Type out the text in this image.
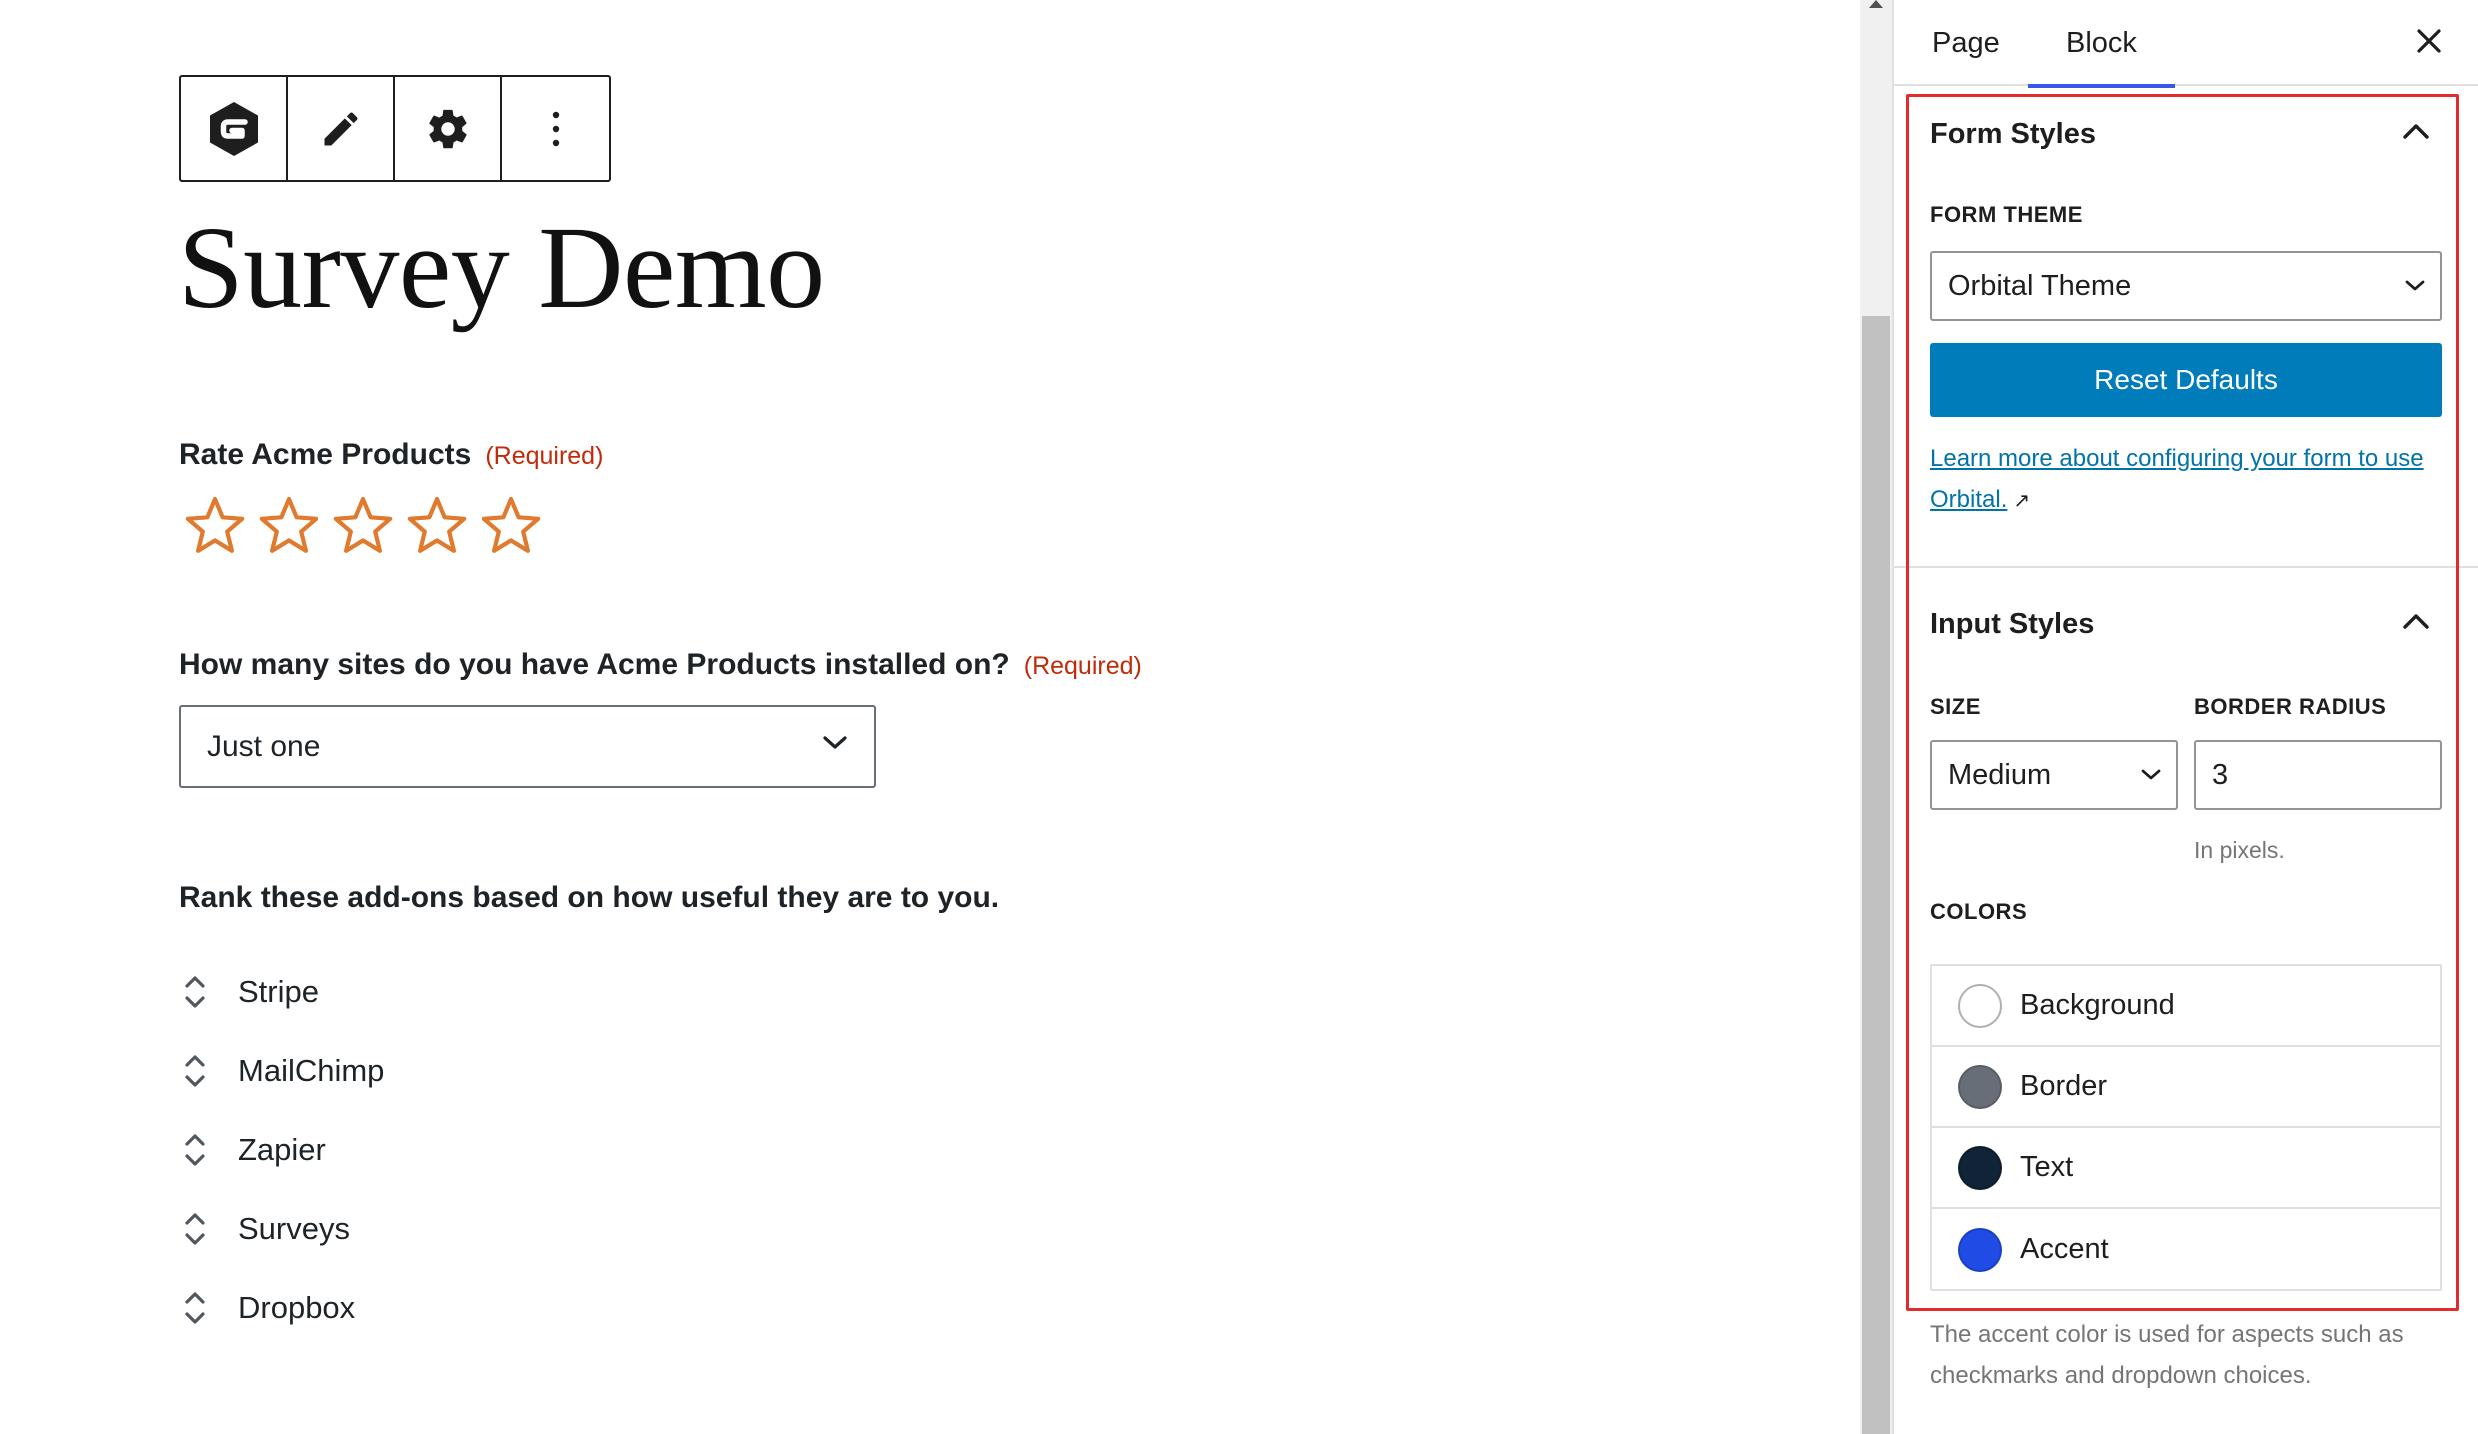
Survey Demo
Rate Acme Products (Required)
How many sites do you have Acme Products installed on? (Required)
Just one
Rank these add-ons based on how useful they are to you.
Stripe
MailChimp
Zapier
Surveys
Dropbox
Page	Block
Form Styles
FORM THEME
Orbital Theme
Reset Defaults
Learn more about configuring your form to use Orbital. ↗
Input Styles
SIZE	BORDER RADIUS
Medium
3
In pixels.
COLORS
Background
Border
Text
Accent
The accent color is used for aspects such as checkmarks and dropdown choices.
